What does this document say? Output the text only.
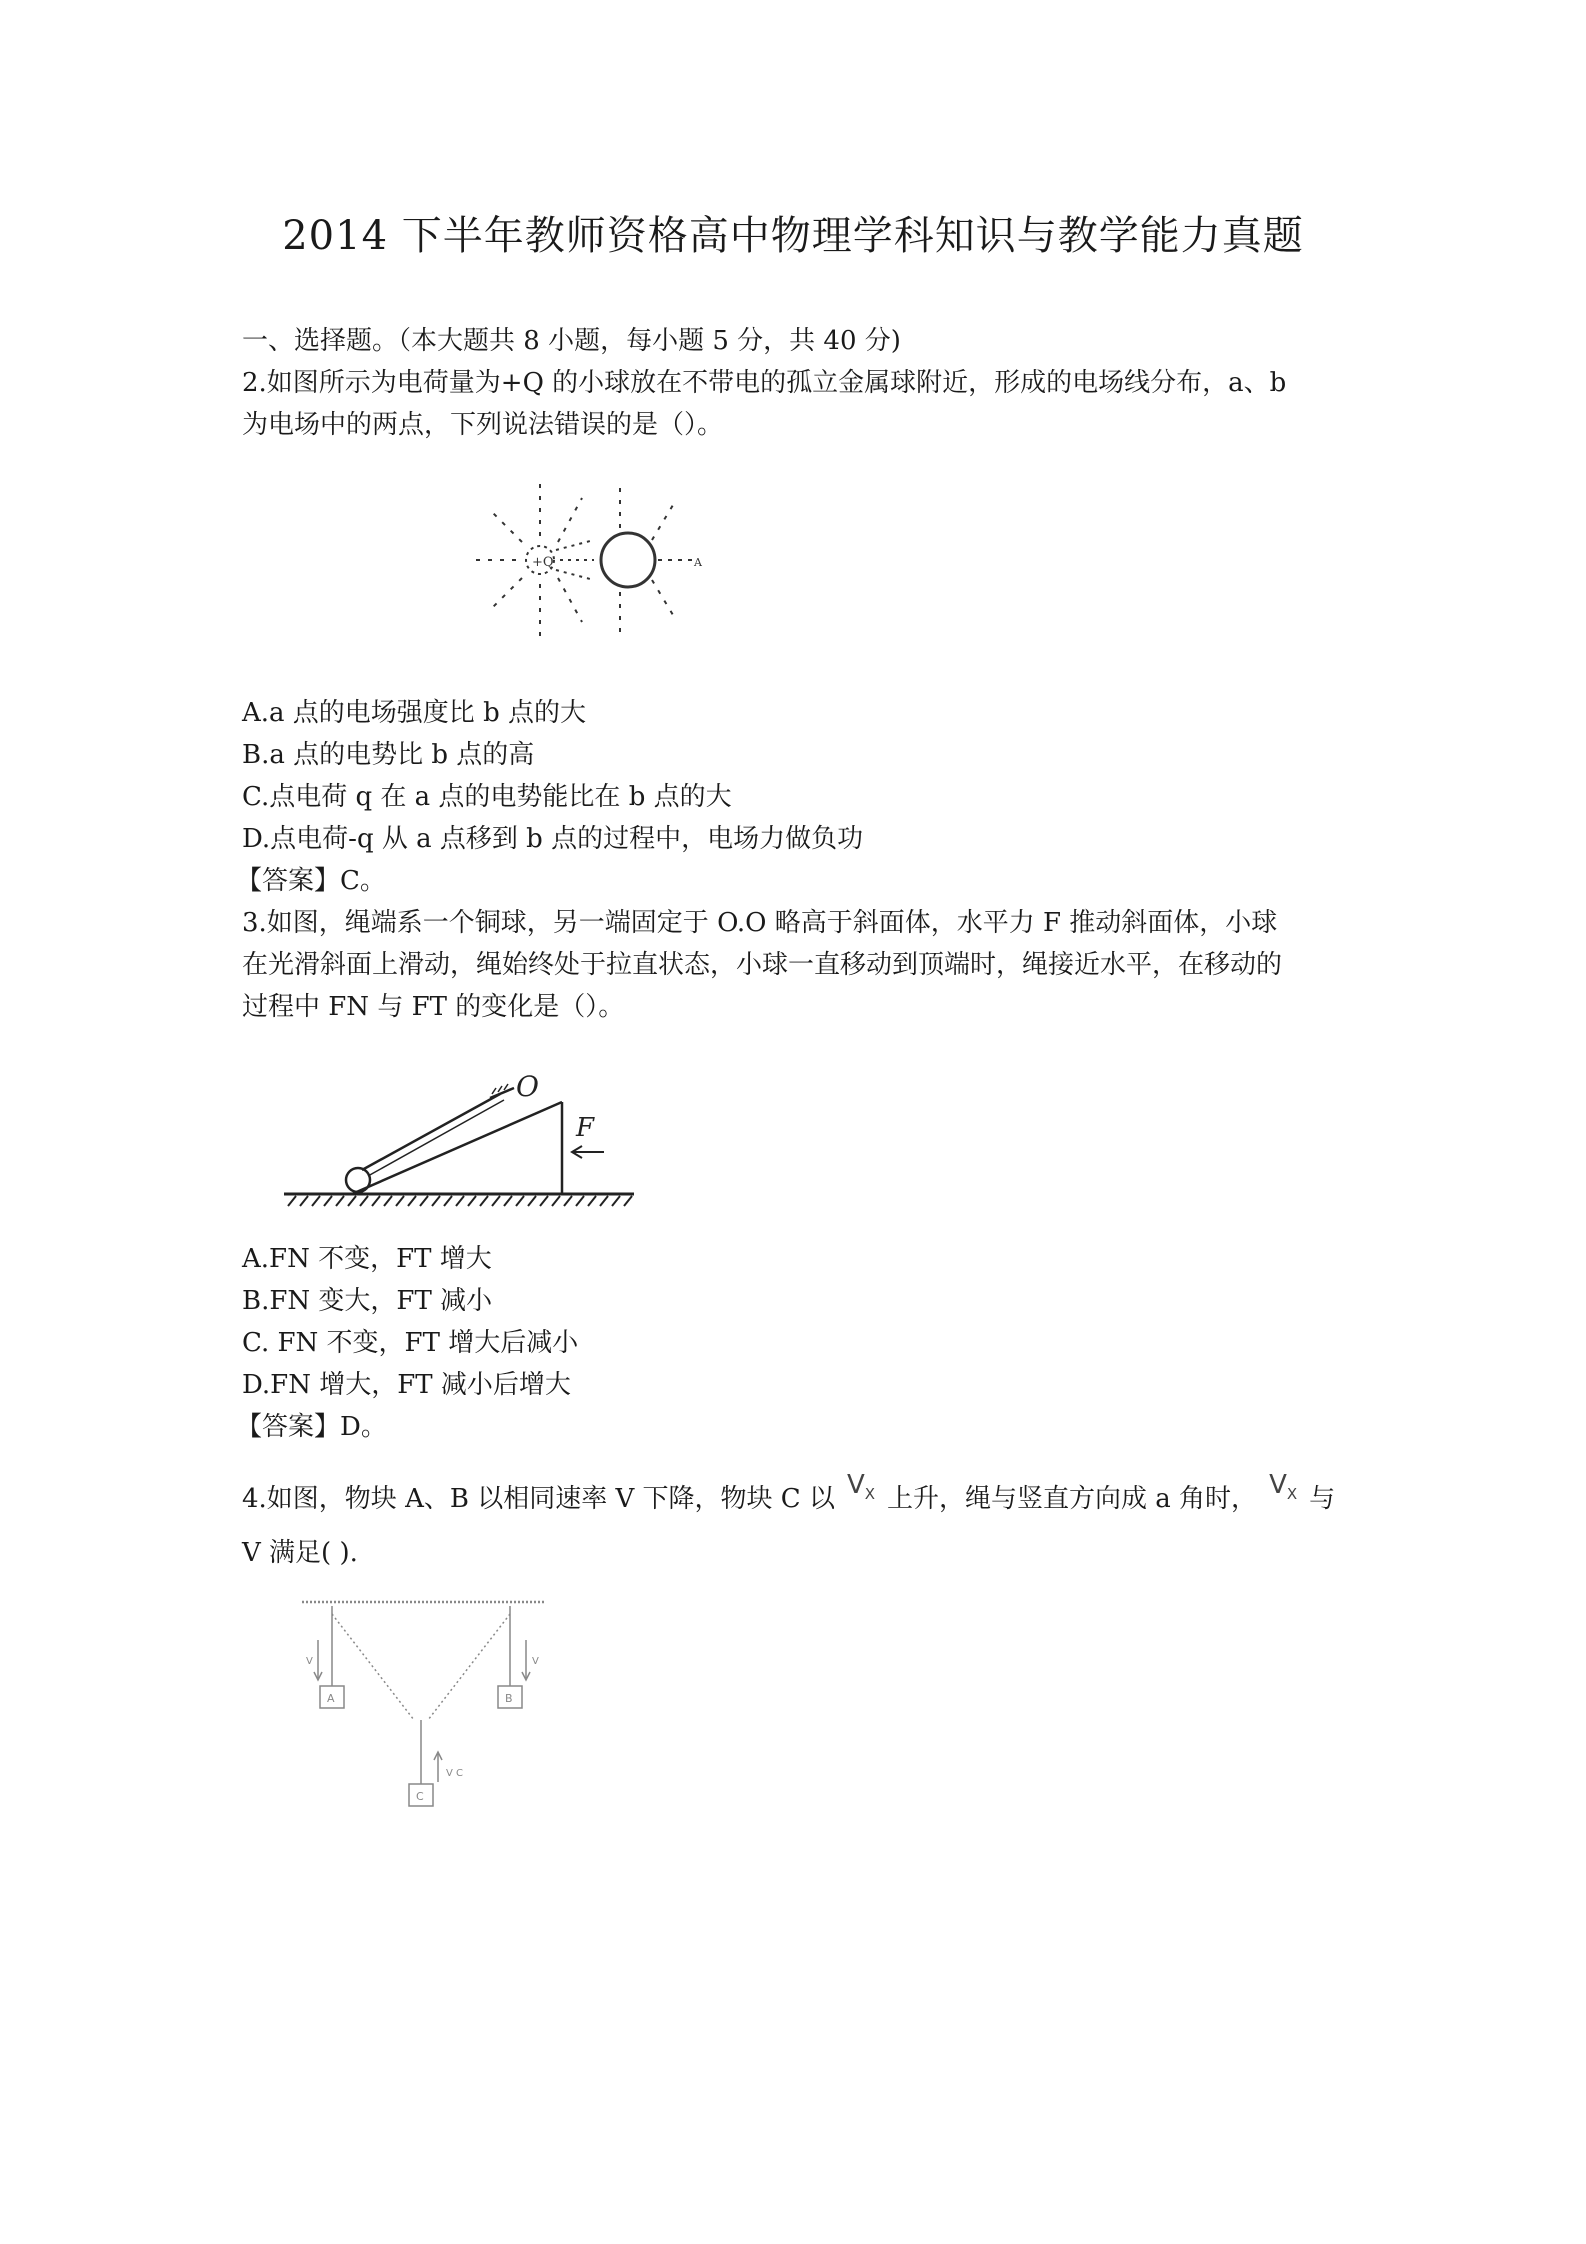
2014 下半年教师资格高中物理学科知识与教学能力真题
一、选择题。（本大题共 8 小题，每小题 5 分，共 40 分)
2.如图所示为电荷量为+Q 的小球放在不带电的孤立金属球附近，形成的电场线分布，a、b
为电场中的两点，下列说法错误的是（）。
+Q	A
A.a 点的电场强度比 b 点的大
B.a 点的电势比 b 点的高
C.点电荷 q 在 a 点的电势能比在 b 点的大
D.点电荷-q 从 a 点移到 b 点的过程中，电场力做负功
【答案】C。
3.如图，绳端系一个铜球，另一端固定于 O.O 略高于斜面体，水平力 F 推动斜面体，小球
在光滑斜面上滑动，绳始终处于拉直状态，小球一直移动到顶端时，绳接近水平，在移动的
过程中 FN 与 FT 的变化是（）。
O
F
A.FN 不变，FT 增大
B.FN 变大，FT 减小
C. FN 不变，FT 增大后减小
D.FN 增大，FT 减小后增大
【答案】D。
4.如图，物块 A、B 以相同速率 V 下降，物块 C 以 $V_X$ 上升，绳与竖直方向成 a 角时， $V_X$ 与
V 满足( ).
A	B
C
V	V
V C
